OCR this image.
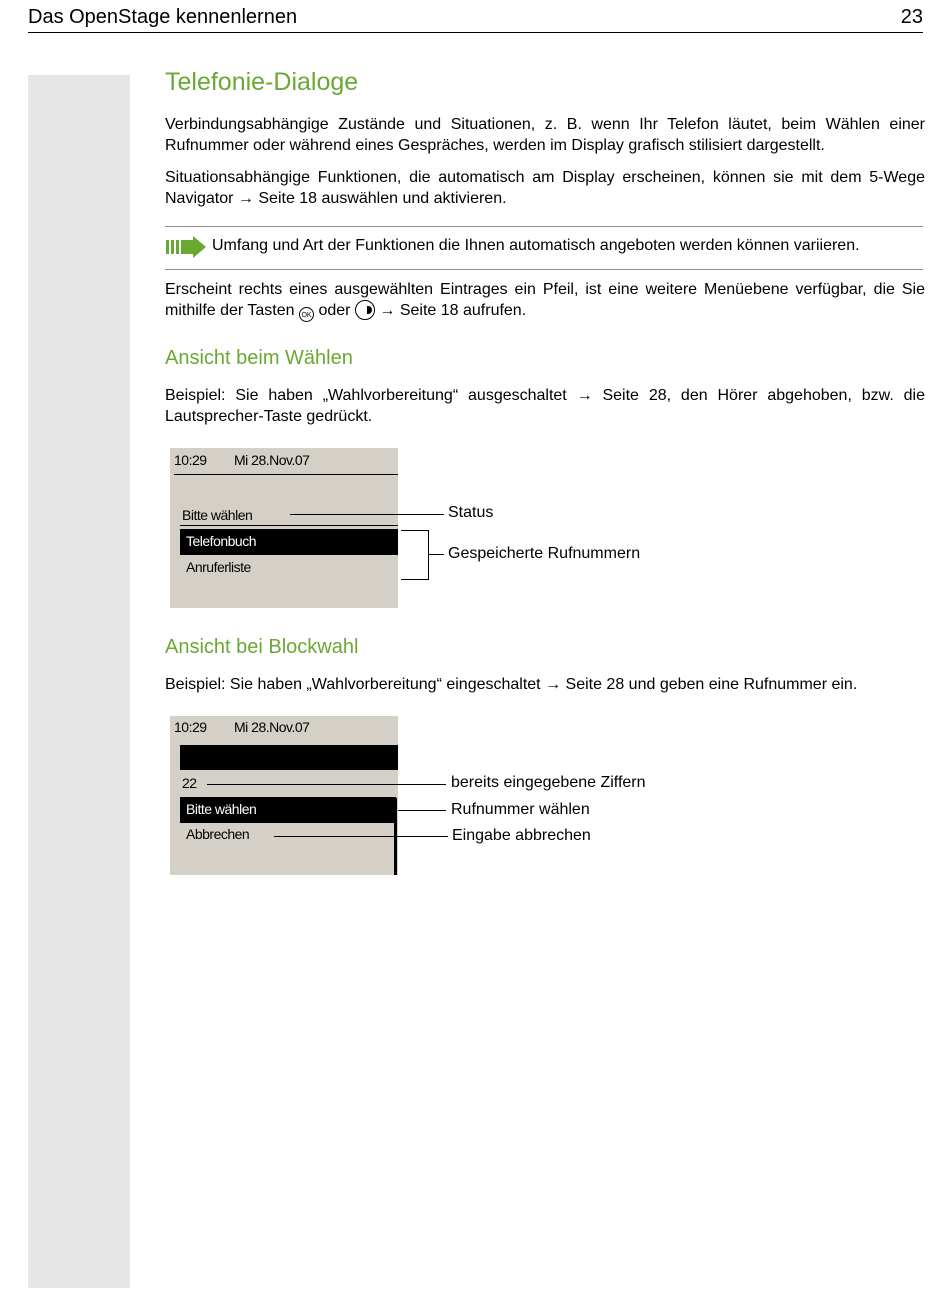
Das OpenStage kennenlernen	23
Telefonie-Dialoge
Verbindungsabhängige Zustände und Situationen, z. B. wenn Ihr Telefon läutet, beim Wählen einer Rufnummer oder während eines Gespräches, werden im Display grafisch stilisiert dargestellt.
Situationsabhängige Funktionen, die automatisch am Display erscheinen, können sie mit dem 5-Wege Navigator → Seite 18 auswählen und aktivieren.
Umfang und Art der Funktionen die Ihnen automatisch angeboten werden können variieren.
Erscheint rechts eines ausgewählten Eintrages ein Pfeil, ist eine weitere Menüebene verfügbar, die Sie mithilfe der Tasten OK oder → Seite 18 aufrufen.
Ansicht beim Wählen
Beispiel: Sie haben „Wahlvorbereitung“ ausgeschaltet → Seite 28, den Hörer abgehoben, bzw. die Lautsprecher-Taste gedrückt.
10:29 Mi 28.Nov.07
Bitte wählen
Telefonbuch
Anruferliste
Status
Gespeicherte Rufnummern
Ansicht bei Blockwahl
Beispiel: Sie haben „Wahlvorbereitung“ eingeschaltet → Seite 28 und geben eine Rufnummer ein.
10:29 Mi 28.Nov.07
22
Bitte wählen
Abbrechen
bereits eingegebene Ziffern
Rufnummer wählen
Eingabe abbrechen
